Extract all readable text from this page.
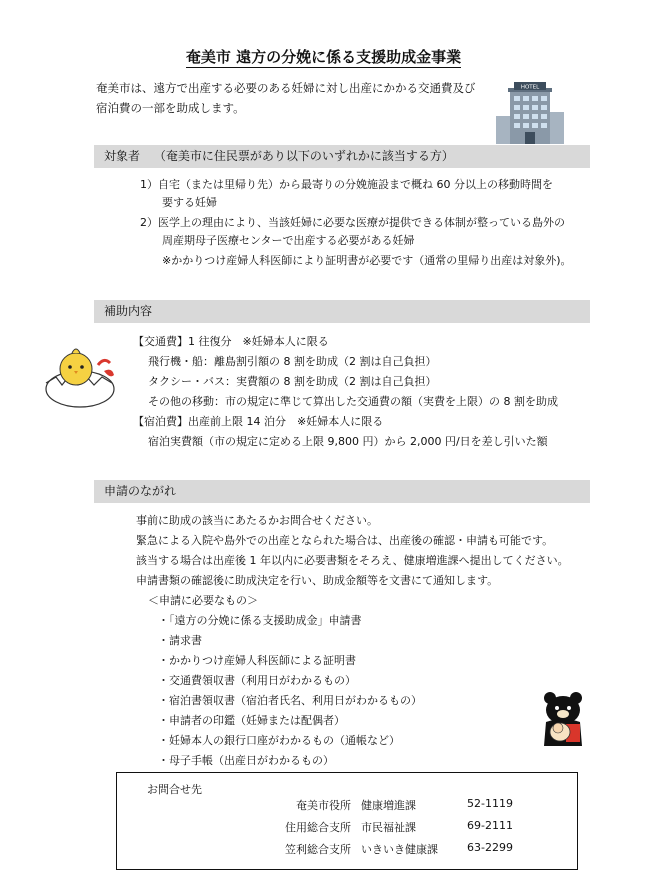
奄美市 遠方の分娩に係る支援助成金事業
奄美市は、遠方で出産する必要のある妊婦に対し出産にかかる交通費及び
宿泊費の一部を助成します。
HOTEL
対象者 （奄美市に住民票があり以下のいずれかに該当する方）
1）自宅（または里帰り先）から最寄りの分娩施設まで概ね 60 分以上の移動時間を
要する妊婦
2）医学上の理由により、当該妊婦に必要な医療が提供できる体制が整っている島外の
周産期母子医療センターで出産する必要がある妊婦
※かかりつけ産婦人科医師により証明書が必要です（通常の里帰り出産は対象外)。
補助内容
【交通費】1 往復分　※妊婦本人に限る
飛行機・船：離島割引額の 8 割を助成（2 割は自己負担）
タクシー・バス：実費額の 8 割を助成（2 割は自己負担）
その他の移動：市の規定に準じて算出した交通費の額（実費を上限）の 8 割を助成
【宿泊費】出産前上限 14 泊分　※妊婦本人に限る
宿泊実費額（市の規定に定める上限 9,800 円）から 2,000 円/日を差し引いた額
申請のながれ
事前に助成の該当にあたるかお問合せください。
緊急による入院や島外での出産となられた場合は、出産後の確認・申請も可能です。
該当する場合は出産後 1 年以内に必要書類をそろえ、健康増進課へ提出してください。
申請書類の確認後に助成決定を行い、助成金額等を文書にて通知します。
＜申請に必要なもの＞
・「遠方の分娩に係る支援助成金」申請書
・請求書
・かかりつけ産婦人科医師による証明書
・交通費領収書（利用日がわかるもの）
・宿泊書領収書（宿泊者氏名、利用日がわかるもの）
・申請者の印鑑（妊婦または配偶者）
・妊婦本人の銀行口座がわかるもの（通帳など）
・母子手帳（出産日がわかるもの）
お問合せ先
奄美市役所 健康増進課	52-1119
住用総合支所 市民福祉課	69-2111
笠利総合支所 いきいき健康課	63-2299
